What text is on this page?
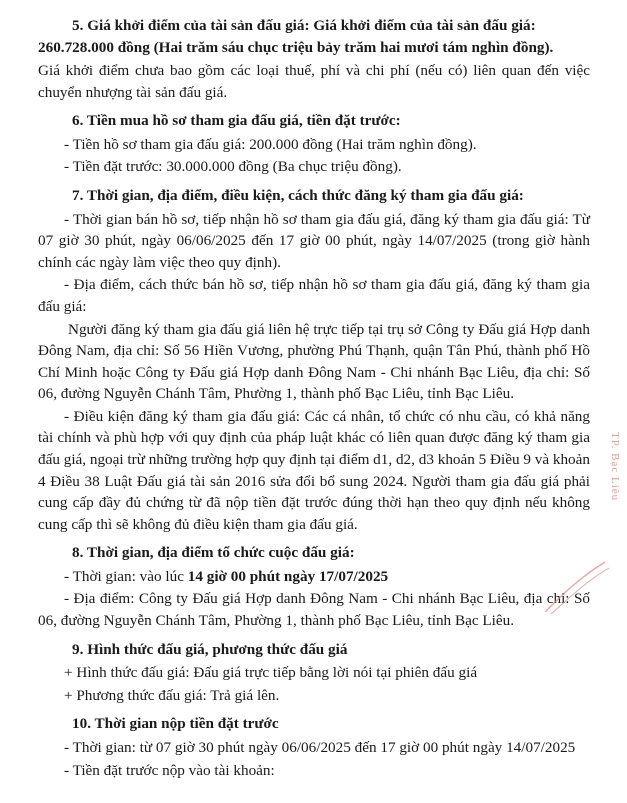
5. Giá khởi điểm của tài sản đấu giá: Giá khởi điểm của tài sản đấu giá: 260.728.000 đồng (Hai trăm sáu chục triệu bảy trăm hai mươi tám nghìn đồng).

Giá khởi điểm chưa bao gồm các loại thuế, phí và chi phí (nếu có) liên quan đến việc chuyển nhượng tài sản đấu giá.

6. Tiền mua hồ sơ tham gia đấu giá, tiền đặt trước:

- Tiền hồ sơ tham gia đấu giá: 200.000 đồng (Hai trăm nghìn đồng).

- Tiền đặt trước: 30.000.000 đồng (Ba chục triệu đồng).

7. Thời gian, địa điểm, điều kiện, cách thức đăng ký tham gia đấu giá:

- Thời gian bán hồ sơ, tiếp nhận hồ sơ tham gia đấu giá, đăng ký tham gia đấu giá: Từ 07 giờ 30 phút, ngày 06/06/2025 đến 17 giờ 00 phút, ngày 14/07/2025 (trong giờ hành chính các ngày làm việc theo quy định).

- Địa điểm, cách thức bán hồ sơ, tiếp nhận hồ sơ tham gia đấu giá, đăng ký tham gia đấu giá:

Người đăng ký tham gia đấu giá liên hệ trực tiếp tại trụ sở Công ty Đấu giá Hợp danh Đông Nam, địa chỉ: Số 56 Hiền Vương, phường Phú Thạnh, quận Tân Phú, thành phố Hồ Chí Minh hoặc Công ty Đấu giá Hợp danh Đông Nam - Chi nhánh Bạc Liêu, địa chỉ: Số 06, đường Nguyễn Chánh Tâm, Phường 1, thành phố Bạc Liêu, tỉnh Bạc Liêu.

- Điều kiện đăng ký tham gia đấu giá: Các cá nhân, tổ chức có nhu cầu, có khả năng tài chính và phù hợp với quy định của pháp luật khác có liên quan được đăng ký tham gia đấu giá, ngoại trừ những trường hợp quy định tại điểm d1, d2, d3 khoản 5 Điều 9 và khoản 4 Điều 38 Luật Đấu giá tài sản 2016 sửa đổi bổ sung 2024. Người tham gia đấu giá phải cung cấp đầy đủ chứng từ đã nộp tiền đặt trước đúng thời hạn theo quy định nếu không cung cấp thì sẽ không đủ điều kiện tham gia đấu giá.

8. Thời gian, địa điểm tổ chức cuộc đấu giá:

- Thời gian: vào lúc 14 giờ 00 phút ngày 17/07/2025

- Địa điểm: Công ty Đấu giá Hợp danh Đông Nam - Chi nhánh Bạc Liêu, địa chỉ: Số 06, đường Nguyễn Chánh Tâm, Phường 1, thành phố Bạc Liêu, tỉnh Bạc Liêu.

9. Hình thức đấu giá, phương thức đấu giá

+ Hình thức đấu giá: Đấu giá trực tiếp bằng lời nói tại phiên đấu giá

+ Phương thức đấu giá: Trả giá lên.

10. Thời gian nộp tiền đặt trước

- Thời gian: từ 07 giờ 30 phút ngày 06/06/2025 đến 17 giờ 00 phút ngày 14/07/2025

- Tiền đặt trước nộp vào tài khoản:

TP. Bạc Liêu
